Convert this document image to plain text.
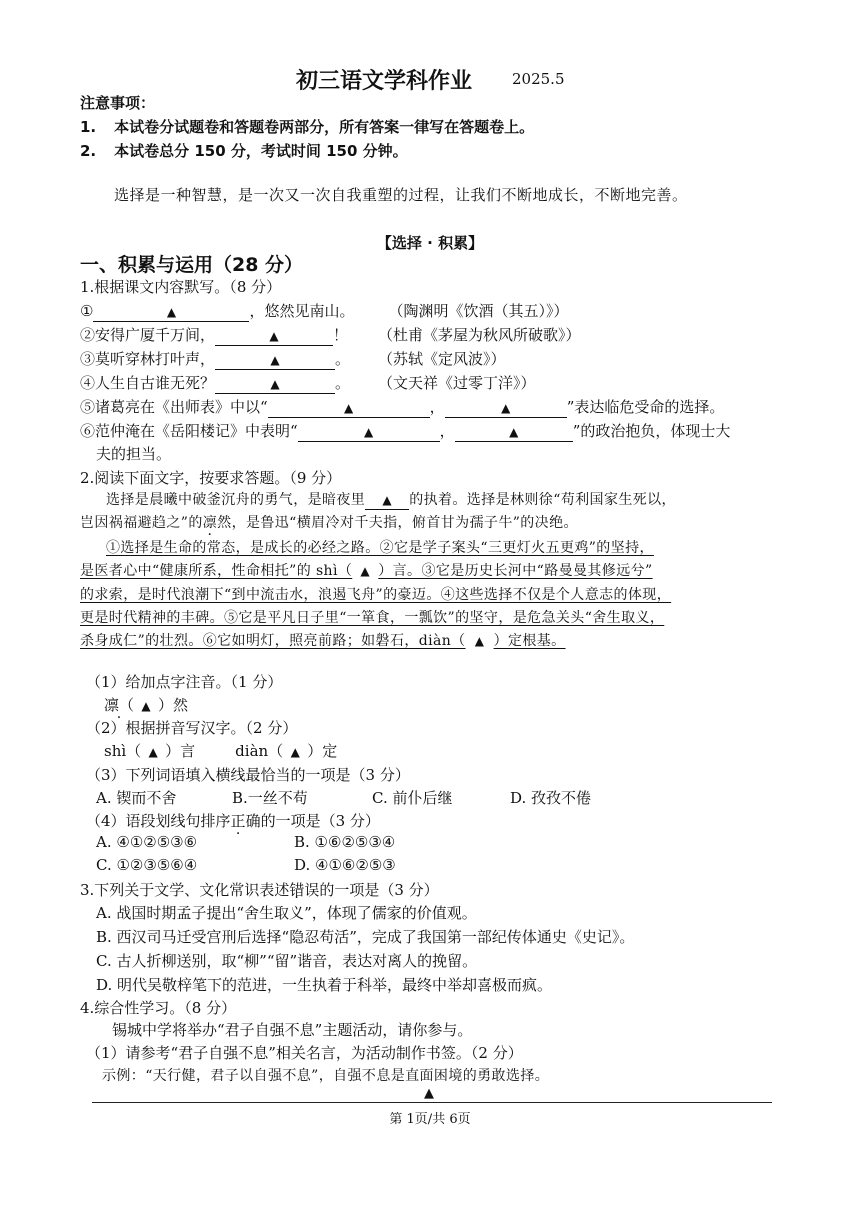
初三语文学科作业	2025.5
注意事项：
1. 本试卷分试题卷和答题卷两部分，所有答案一律写在答题卷上。
2. 本试卷总分 150 分，考试时间 150 分钟。
选择是一种智慧，是一次又一次自我重塑的过程，让我们不断地成长，不断地完善。
【选择 · 积累】
一、积累与运用（28 分）
1.根据课文内容默写。（8 分）
①	▲	，悠然见南山。 （陶渊明《饮酒（其五）》）
②安得广厦千万间，	▲	！ （杜甫《茅屋为秋风所破歌》）
③莫听穿林打叶声，	▲	。 （苏轼《定风波》）
④人生自古谁无死？	▲	。 （文天祥《过零丁洋》）
⑤诸葛亮在《出师表》中以“	▲	，	▲	”表达临危受命的选择。
⑥范仲淹在《岳阳楼记》中表明“	▲	，	▲	”的政治抱负，体现士大
夫的担当。
2.阅读下面文字，按要求答题。（9 分）
选择是晨曦中破釜沉舟的勇气，是暗夜里 ▲ 的执着。选择是林则徐“苟利国家生死以，
岂因祸福避趋之”的凛然，是鲁迅“横眉冷对千夫指，俯首甘为孺子牛”的决绝。
①选择是生命的常态，是成长的必经之路。②它是学子案头“三更灯火五更鸡”的坚持，
是医者心中“健康所系，性命相托”的 shì（ ▲ ）言。③它是历史长河中“路曼曼其修远兮”
的求索，是时代浪潮下“到中流击水，浪遏飞舟”的豪迈。④这些选择不仅是个人意志的体现，
更是时代精神的丰碑。⑤它是平凡日子里“一箪食，一瓢饮”的坚守，是危急关头“舍生取义，
杀身成仁”的壮烈。⑥它如明灯，照亮前路；如磐石，diàn（ ▲ ）定根基。
（1）给加点字注音。（1 分）
凛（ · ▲ ）然
（2）根据拼音写汉字。（2 分）
shì（ ▲ ）言	diàn（ ▲ ）定
（3）下列词语填入横线最恰当的一项是（3 分）
A. 锲而不舍	B.一丝不苟	C. 前仆后继	D. 孜孜不倦
（4）语段划线句排序正确的一项是（3 分）
A. ④①②⑤③⑥	B. ①⑥②⑤③④
C. ①②③⑤⑥④	D. ④①⑥②⑤③
3.下列关于文学、文化常识表述错误的一项是（3 分）
A. 战国时期孟子提出“舍生取义”，体现了儒家的价值观。
B. 西汉司马迁受宫刑后选择“隐忍苟活”，完成了我国第一部纪传体通史《史记》。
C. 古人折柳送别，取“柳”“留”谐音，表达对离人的挽留。
D. 明代吴敬梓笔下的范进，一生执着于科举，最终中举却喜极而疯。
4.综合性学习。（8 分）
锡城中学将举办“君子自强不息”主题活动，请你参与。
（1）请参考“君子自强不息”相关名言，为活动制作书签。（2 分）
示例：“天行健，君子以自强不息”，自强不息是直面困境的勇敢选择。
▲
第 1页/共 6页
